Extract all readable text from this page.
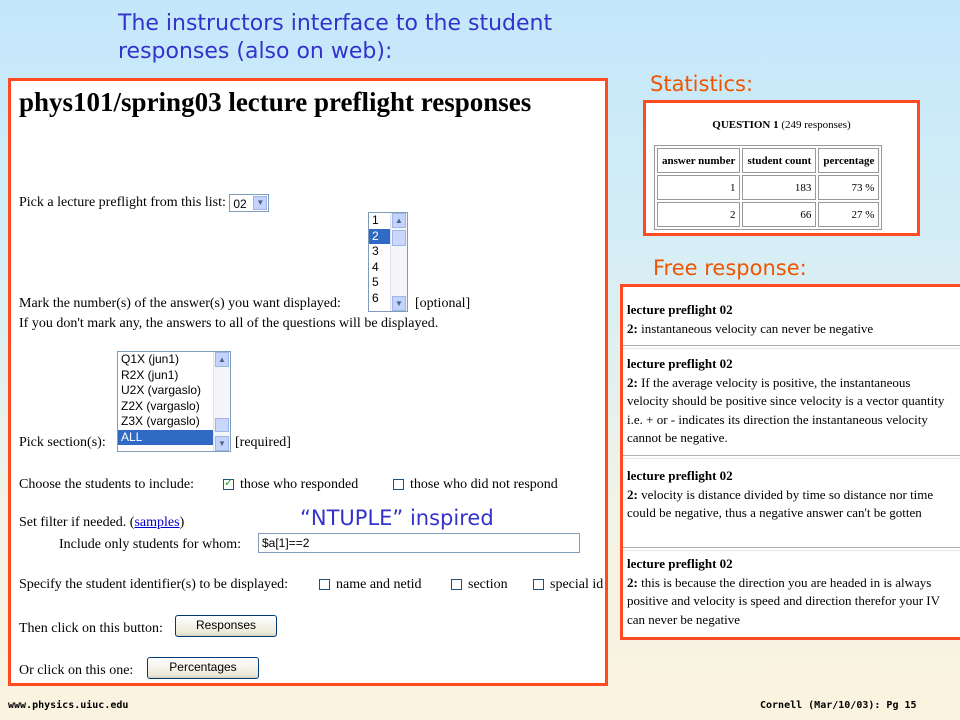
The instructors interface to the student responses (also on web):
Statistics:
Free response:
phys101/spring03 lecture preflight responses
Pick a lecture preflight from this list: 02	▼
1
2
3
4
5
6
▲
▼
Mark the number(s) of the answer(s) you want displayed:	[optional]
If you don't mark any, the answers to all of the questions will be displayed.
Q1X (jun1)
R2X (jun1)
U2X (vargaslo)
Z2X (vargaslo)
Z3X (vargaslo)
ALL
▲
▼
Pick section(s):	[required]
Choose the students to include: ✓	those who responded	those who did not respond
Set filter if needed. (samples)
Include only students for whom:	$a[1]==2
Specify the student identifier(s) to be displayed:	name and netid	section	special id
Then click on this button:	Responses
Or click on this one:	Percentages
“NTUPLE” inspired
QUESTION 1 (249 responses)
answer number	student count	percentage
1	183	73 %
2	66	27 %
lecture preflight 02
2: instantaneous velocity can never be negative
lecture preflight 02
2: If the average velocity is positive, the instantaneous velocity should be positive since velocity is a vector quantity i.e. + or - indicates its direction the instantaneous velocity cannot be negative.
lecture preflight 02
2: velocity is distance divided by time so distance nor time could be negative, thus a negative answer can't be gotten
lecture preflight 02
2: this is because the direction you are headed in is always positive and velocity is speed and direction therefor your IV can never be negative
www.physics.uiuc.edu	Cornell (Mar/10/03): Pg 15
